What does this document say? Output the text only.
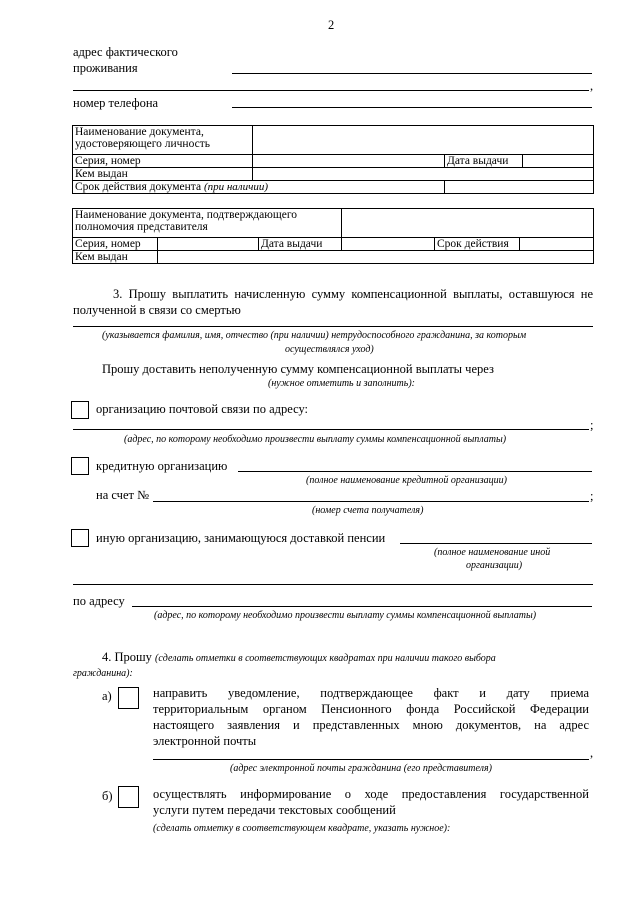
2
адрес фактического
проживания
,
номер телефона
Наименование документа,
удостоверяющего личность			

Серия, номер		Дата выдачи	
Кем выдан			
Срок действия документа (при наличии)			
Наименование документа, подтверждающего
полномочия представителя					

Серия, номер		Дата выдачи		Срок действия	
Кем выдан					
3. Прошу выплатить начисленную сумму компенсационной выплаты, оставшуюся не
полученной в связи со смертью
(указывается фамилия, имя, отчество (при наличии) нетрудоспособного гражданина, за которым
осуществлялся уход)
Прошу доставить неполученную сумму компенсационной выплаты через
(нужное отметить и заполнить):
организацию почтовой связи по адресу:
;
(адрес, по которому необходимо произвести выплату суммы компенсационной выплаты)
кредитную организацию
(полное наименование кредитной организации)
на счет №	;
(номер счета получателя)
иную организацию, занимающуюся доставкой пенсии
(полное наименование иной
организации)
по адресу
(адрес, по которому необходимо произвести выплату суммы компенсационной выплаты)
4. Прошу (сделать отметки в соответствующих квадратах при наличии такого выбора
гражданина):
а)	направить уведомление, подтверждающее факт и дату приема
территориальным органом Пенсионного фонда Российской Федерации
настоящего заявления и представленных мною документов, на адрес
электронной почты
,
(адрес электронной почты гражданина (его представителя)
б)	осуществлять информирование о ходе предоставления государственной
услуги путем передачи текстовых сообщений
(сделать отметку в соответствующем квадрате, указать нужное):
